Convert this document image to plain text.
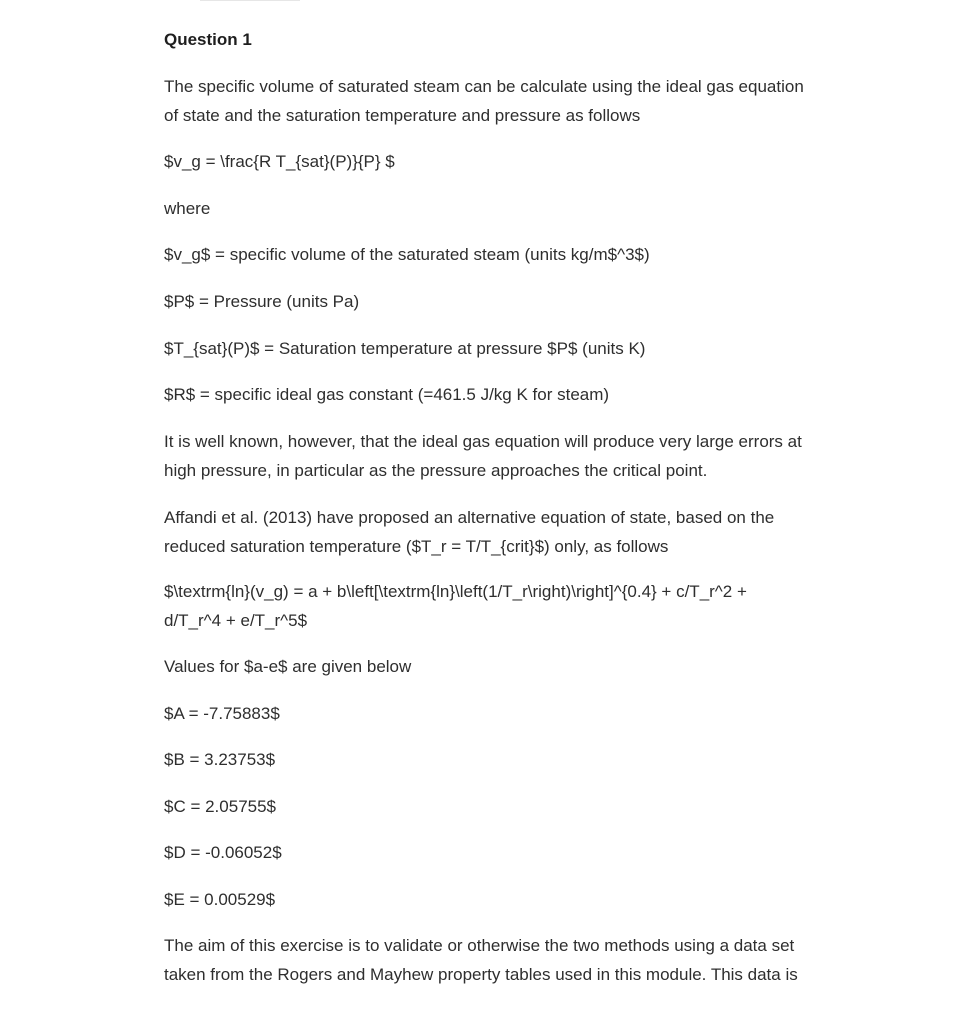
Question 1

The specific volume of saturated steam can be calculate using the ideal gas equation
of state and the saturation temperature and pressure as follows

$v_g = \frac{R T_{sat}(P)}{P} $

where

$v_g$ = specific volume of the saturated steam (units kg/m$^3$)

$P$ = Pressure (units Pa)

$T_{sat}(P)$ = Saturation temperature at pressure $P$ (units K)

$R$ = specific ideal gas constant (=461.5 J/kg K for steam)

It is well known, however, that the ideal gas equation will produce very large errors at
high pressure, in particular as the pressure approaches the critical point.

Affandi et al. (2013) have proposed an alternative equation of state, based on the
reduced saturation temperature ($T_r = T/T_{crit}$) only, as follows

$\textrm{ln}(v_g) = a + b\left[\textrm{ln}\left(1/T_r\right)\right]^{0.4} + c/T_r^2 +
d/T_r^4 + e/T_r^5$

Values for $a-e$ are given below

$A = -7.75883$

$B = 3.23753$

$C = 2.05755$

$D = -0.06052$

$E = 0.00529$

The aim of this exercise is to validate or otherwise the two methods using a data set
taken from the Rogers and Mayhew property tables used in this module. This data is
